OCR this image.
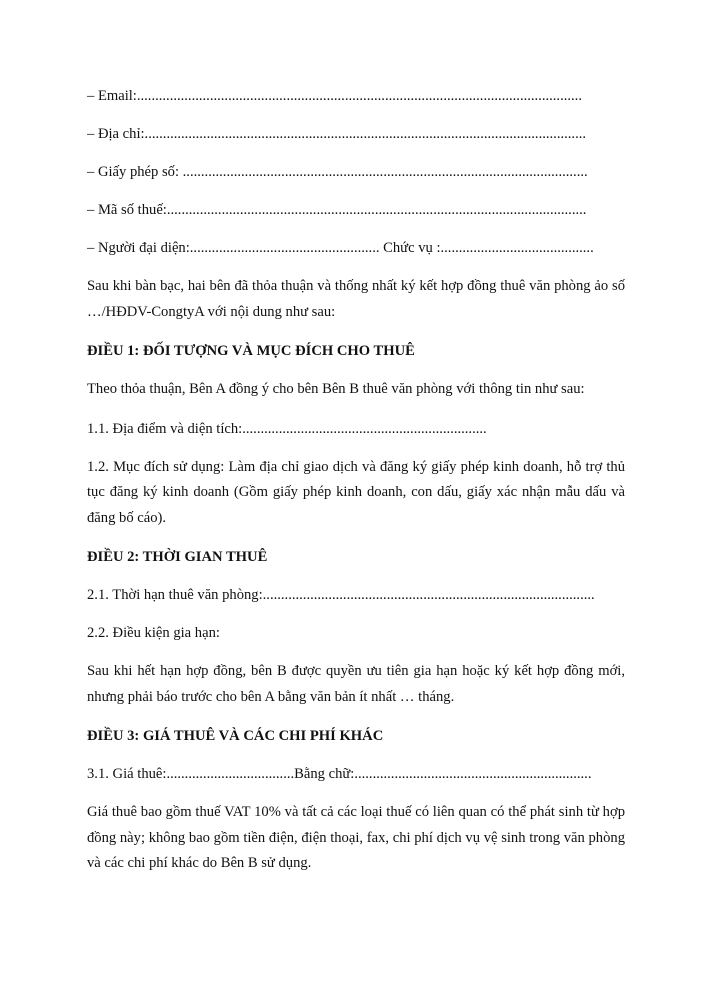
– Email:..........................................................................................................................
– Địa chỉ:.........................................................................................................................
– Giấy phép số: ...............................................................................................................
– Mã số thuế:...................................................................................................................
– Người đại diện:.................................................... Chức vụ :..........................................
Sau khi bàn bạc, hai bên đã thỏa thuận và thống nhất ký kết hợp đồng thuê văn phòng ảo số …/HĐDV-CongtyA với nội dung như sau:
ĐIỀU 1: ĐỐI TƯỢNG VÀ MỤC ĐÍCH CHO THUÊ
Theo thỏa thuận, Bên A đồng ý cho bên Bên B thuê văn phòng với thông tin như sau:
1.1. Địa điểm và diện tích:...................................................................
1.2. Mục đích sử dụng: Làm địa chỉ giao dịch và đăng ký giấy phép kinh doanh, hỗ trợ thủ tục đăng ký kinh doanh (Gồm giấy phép kinh doanh, con dấu, giấy xác nhận mẫu dấu và đăng bố cáo).
ĐIỀU 2: THỜI GIAN THUÊ
2.1. Thời hạn thuê văn phòng:...........................................................................................
2.2. Điều kiện gia hạn:
Sau khi hết hạn hợp đồng, bên B được quyền ưu tiên gia hạn hoặc ký kết hợp đồng mới, nhưng phải báo trước cho bên A bằng văn bản ít nhất … tháng.
ĐIỀU 3: GIÁ THUÊ VÀ CÁC CHI PHÍ KHÁC
3.1. Giá thuê:...................................Bằng chữ:.................................................................
Giá thuê bao gồm thuế VAT 10% và tất cả các loại thuế có liên quan có thể phát sinh từ hợp đồng này; không bao gồm tiền điện, điện thoại, fax, chi phí dịch vụ vệ sinh trong văn phòng và các chi phí khác do Bên B sử dụng.
